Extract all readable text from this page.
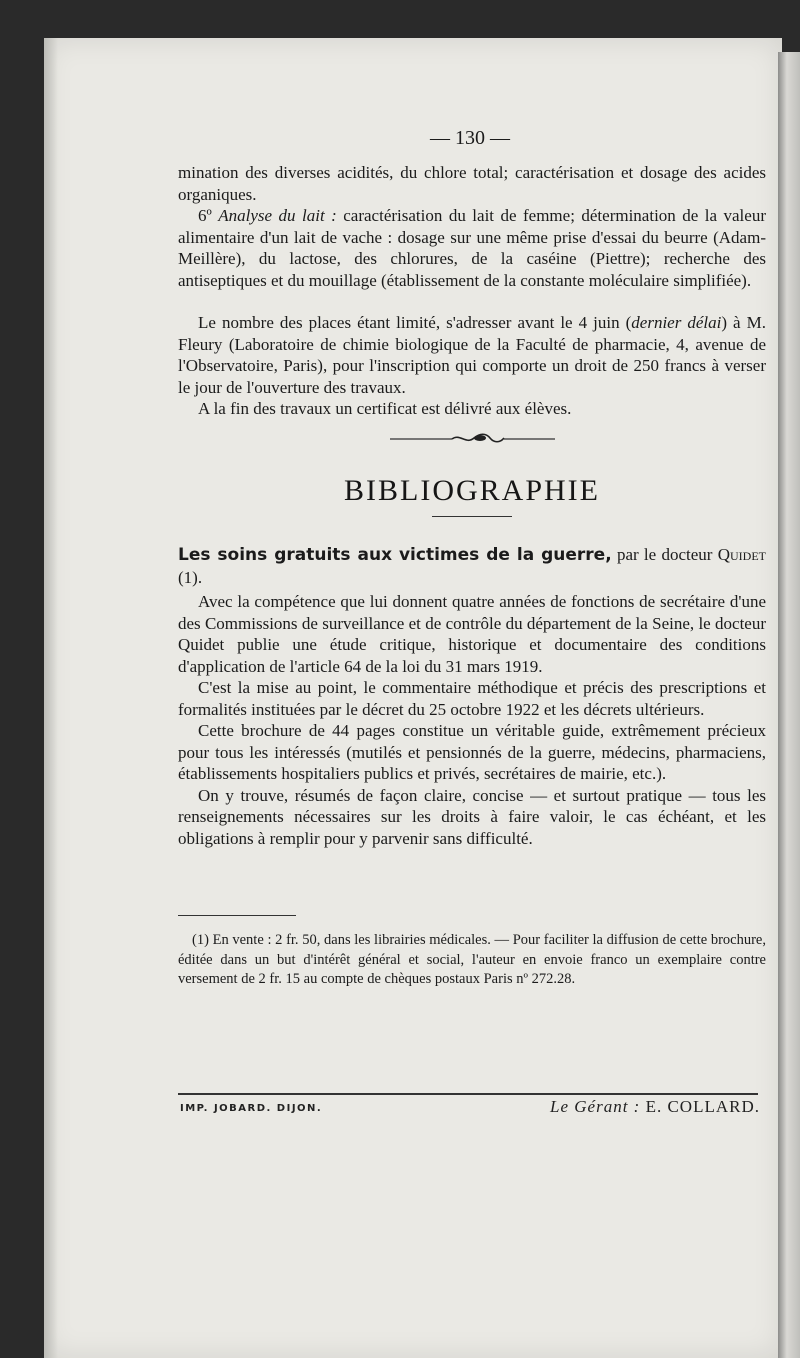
— 130 —

mination des diverses acidités, du chlore total; caractérisation et dosage des acides organiques.

6º Analyse du lait : caractérisation du lait de femme; détermination de la valeur alimentaire d'un lait de vache : dosage sur une même prise d'essai du beurre (Adam-Meillère), du lactose, des chlorures, de la caséine (Piettre); recherche des antiseptiques et du mouillage (établissement de la constante moléculaire simplifiée).

Le nombre des places étant limité, s'adresser avant le 4 juin (dernier délai) à M. Fleury (Laboratoire de chimie biologique de la Faculté de pharmacie, 4, avenue de l'Observatoire, Paris), pour l'inscription qui comporte un droit de 250 francs à verser le jour de l'ouverture des travaux.

A la fin des travaux un certificat est délivré aux élèves.

BIBLIOGRAPHIE

Les soins gratuits aux victimes de la guerre, par le docteur Quidet (1).

Avec la compétence que lui donnent quatre années de fonctions de secrétaire d'une des Commissions de surveillance et de contrôle du département de la Seine, le docteur Quidet publie une étude critique, historique et documentaire des conditions d'application de l'article 64 de la loi du 31 mars 1919.

C'est la mise au point, le commentaire méthodique et précis des prescriptions et formalités instituées par le décret du 25 octobre 1922 et les décrets ultérieurs.

Cette brochure de 44 pages constitue un véritable guide, extrêmement précieux pour tous les intéressés (mutilés et pensionnés de la guerre, médecins, pharmaciens, établissements hospitaliers publics et privés, secrétaires de mairie, etc.).

On y trouve, résumés de façon claire, concise — et surtout pratique — tous les renseignements nécessaires sur les droits à faire valoir, le cas échéant, et les obligations à remplir pour y parvenir sans difficulté.

(1) En vente : 2 fr. 50, dans les librairies médicales. — Pour faciliter la diffusion de cette brochure, éditée dans un but d'intérêt général et social, l'auteur en envoie franco un exemplaire contre versement de 2 fr. 15 au compte de chèques postaux Paris nº 272.28.
IMP. JOBARD. DIJON.	Le Gérant : E. COLLARD.
